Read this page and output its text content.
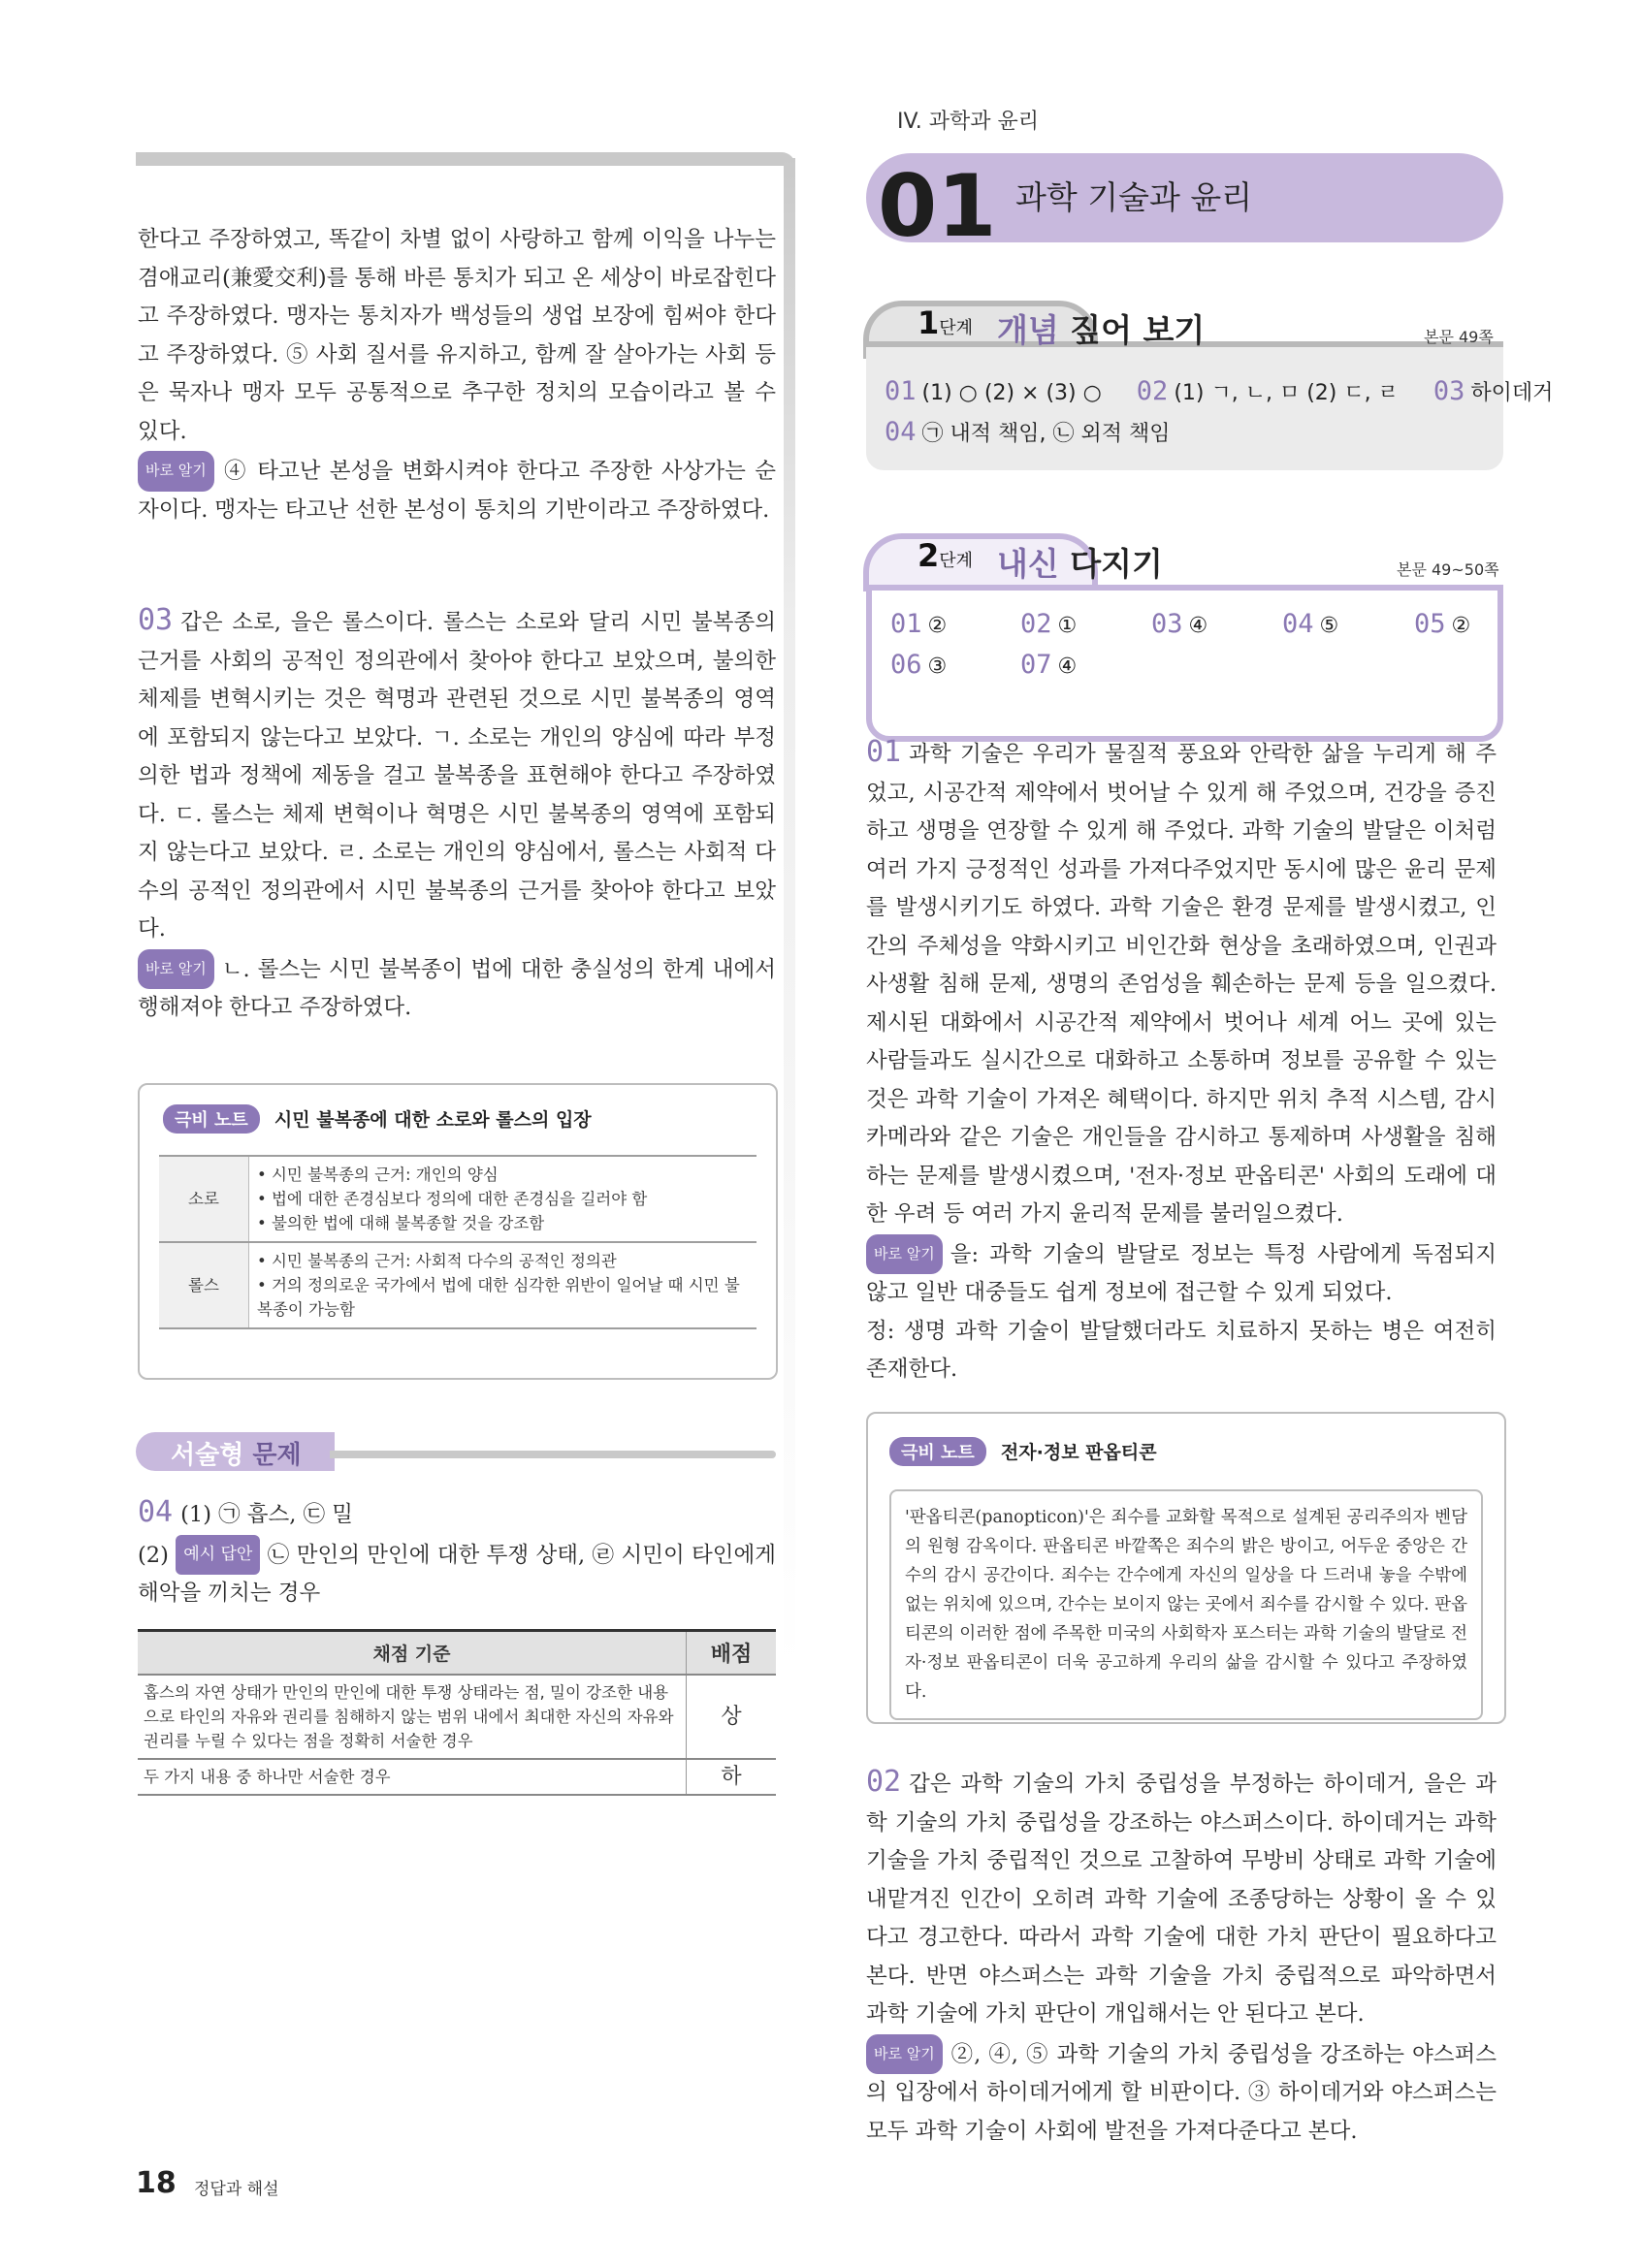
IV. 과학과 윤리
01 과학 기술과 윤리
1단계 개념 짚어 보기	본문 49쪽
01 (1) ○ (2) × (3) ○ 02 (1) ㄱ, ㄴ, ㅁ (2) ㄷ, ㄹ 03 하이데거
04 ㉠ 내적 책임, ㉡ 외적 책임
2단계 내신 다지기	본문 49~50쪽
01 ②	02 ①	03 ④	04 ⑤	05 ②
06 ③	07 ④

한다고 주장하였고, 똑같이 차별 없이 사랑하고 함께 이익을 나누는 겸애교리(兼愛交利)를 통해 바른 통치가 되고 온 세상이 바로잡힌다고 주장하였다. 맹자는 통치자가 백성들의 생업 보장에 힘써야 한다고 주장하였다. ⑤ 사회 질서를 유지하고, 함께 잘 살아가는 사회 등은 묵자나 맹자 모두 공통적으로 추구한 정치의 모습이라고 볼 수 있다.

바로 알기 ④ 타고난 본성을 변화시켜야 한다고 주장한 사상가는 순자이다. 맹자는 타고난 선한 본성이 통치의 기반이라고 주장하였다.

03 갑은 소로, 을은 롤스이다. 롤스는 소로와 달리 시민 불복종의 근거를 사회의 공적인 정의관에서 찾아야 한다고 보았으며, 불의한 체제를 변혁시키는 것은 혁명과 관련된 것으로 시민 불복종의 영역에 포함되지 않는다고 보았다. ㄱ. 소로는 개인의 양심에 따라 부정의한 법과 정책에 제동을 걸고 불복종을 표현해야 한다고 주장하였다. ㄷ. 롤스는 체제 변혁이나 혁명은 시민 불복종의 영역에 포함되지 않는다고 보았다. ㄹ. 소로는 개인의 양심에서, 롤스는 사회적 다수의 공적인 정의관에서 시민 불복종의 근거를 찾아야 한다고 보았다.

바로 알기 ㄴ. 롤스는 시민 불복종이 법에 대한 충실성의 한계 내에서 행해져야 한다고 주장하였다.

극비 노트 시민 불복종에 대한 소로와 롤스의 입장
소로	• 시민 불복종의 근거: 개인의 양심
• 법에 대한 존경심보다 정의에 대한 존경심을 길러야 함
• 불의한 법에 대해 불복종할 것을 강조함

롤스	• 시민 불복종의 근거: 사회적 다수의 공적인 정의관
• 거의 정의로운 국가에서 법에 대한 심각한 위반이 일어날 때 시민 불복종이 가능함
서술형 문제

04 (1) ㉠ 흡스, ㉢ 밀

(2) 예시 답안 ㉡ 만인의 만인에 대한 투쟁 상태, ㉣ 시민이 타인에게 해악을 끼치는 경우

채점 기준	배점
홉스의 자연 상태가 만인의 만인에 대한 투쟁 상태라는 점, 밀이 강조한 내용으로 타인의 자유와 권리를 침해하지 않는 범위 내에서 최대한 자신의 자유와 권리를 누릴 수 있다는 점을 정확히 서술한 경우	상
두 가지 내용 중 하나만 서술한 경우	하

01 과학 기술은 우리가 물질적 풍요와 안락한 삶을 누리게 해 주었고, 시공간적 제약에서 벗어날 수 있게 해 주었으며, 건강을 증진하고 생명을 연장할 수 있게 해 주었다. 과학 기술의 발달은 이처럼 여러 가지 긍정적인 성과를 가져다주었지만 동시에 많은 윤리 문제를 발생시키기도 하였다. 과학 기술은 환경 문제를 발생시켰고, 인간의 주체성을 약화시키고 비인간화 현상을 초래하였으며, 인권과 사생활 침해 문제, 생명의 존엄성을 훼손하는 문제 등을 일으켰다. 제시된 대화에서 시공간적 제약에서 벗어나 세계 어느 곳에 있는 사람들과도 실시간으로 대화하고 소통하며 정보를 공유할 수 있는 것은 과학 기술이 가져온 혜택이다. 하지만 위치 추적 시스템, 감시 카메라와 같은 기술은 개인들을 감시하고 통제하며 사생활을 침해하는 문제를 발생시켰으며, '전자·정보 판옵티콘' 사회의 도래에 대한 우려 등 여러 가지 윤리적 문제를 불러일으켰다.

바로 알기 을: 과학 기술의 발달로 정보는 특정 사람에게 독점되지 않고 일반 대중들도 쉽게 정보에 접근할 수 있게 되었다.

정: 생명 과학 기술이 발달했더라도 치료하지 못하는 병은 여전히 존재한다.

극비 노트 전자·정보 판옵티콘
'판옵티콘(panopticon)'은 죄수를 교화할 목적으로 설계된 공리주의자 벤담의 원형 감옥이다. 판옵티콘 바깥쪽은 죄수의 밝은 방이고, 어두운 중앙은 간수의 감시 공간이다. 죄수는 간수에게 자신의 일상을 다 드러내 놓을 수밖에 없는 위치에 있으며, 간수는 보이지 않는 곳에서 죄수를 감시할 수 있다. 판옵티콘의 이러한 점에 주목한 미국의 사회학자 포스터는 과학 기술의 발달로 전자·정보 판옵티콘이 더욱 공고하게 우리의 삶을 감시할 수 있다고 주장하였다.

02 갑은 과학 기술의 가치 중립성을 부정하는 하이데거, 을은 과학 기술의 가치 중립성을 강조하는 야스퍼스이다. 하이데거는 과학 기술을 가치 중립적인 것으로 고찰하여 무방비 상태로 과학 기술에 내맡겨진 인간이 오히려 과학 기술에 조종당하는 상황이 올 수 있다고 경고한다. 따라서 과학 기술에 대한 가치 판단이 필요하다고 본다. 반면 야스퍼스는 과학 기술을 가치 중립적으로 파악하면서 과학 기술에 가치 판단이 개입해서는 안 된다고 본다.

바로 알기 ②, ④, ⑤ 과학 기술의 가치 중립성을 강조하는 야스퍼스의 입장에서 하이데거에게 할 비판이다. ③ 하이데거와 야스퍼스는 모두 과학 기술이 사회에 발전을 가져다준다고 본다.

18 정답과 해설
